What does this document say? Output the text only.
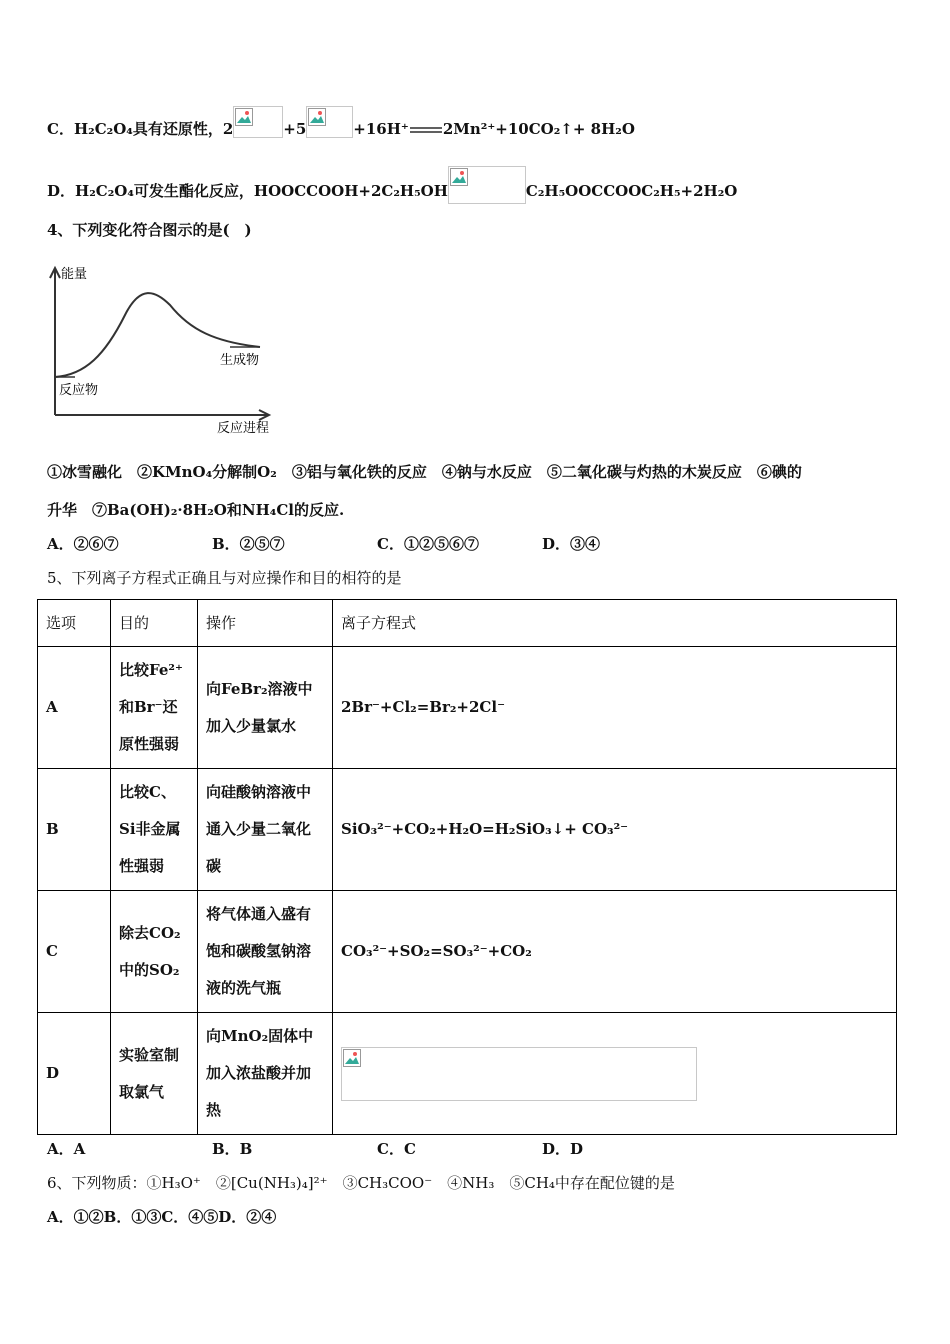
C．H₂C₂O₄具有还原性，2	+5	+16H⁺ 2Mn²⁺+10CO₂↑+ 8H₂O
D．H₂C₂O₄可发生酯化反应，HOOCCOOH+2C₂H₅OH	C₂H₅OOCCOOC₂H₅+2H₂O
4、下列变化符合图示的是(　)
能量
反应进程
反应物
生成物
①冰雪融化　②KMnO₄分解制O₂　③铝与氧化铁的反应　④钠与水反应　⑤二氧化碳与灼热的木炭反应　⑥碘的
升华　⑦Ba(OH)₂·8H₂O和NH₄Cl的反应.
A．②⑥⑦	B．②⑤⑦	C．①②⑤⑥⑦	D．③④
5、下列离子方程式正确且与对应操作和目的相符的是
选项	目的	操作	离子方程式
A	比较Fe²⁺和Br⁻还原性强弱	向FeBr₂溶液中加入少量氯水	2Br⁻+Cl₂=Br₂+2Cl⁻
B	比较C、Si非金属性强弱	向硅酸钠溶液中通入少量二氧化碳	SiO₃²⁻+CO₂+H₂O=H₂SiO₃↓+ CO₃²⁻
C	除去CO₂中的SO₂	将气体通入盛有饱和碳酸氢钠溶液的洗气瓶	CO₃²⁻+SO₂=SO₃²⁻+CO₂
D	实验室制取氯气	向MnO₂固体中加入浓盐酸并加热	
A．A	B．B	C．C	D．D
6、下列物质：①H₃O⁺　②[Cu(NH₃)₄]²⁺　③CH₃COO⁻　④NH₃　⑤CH₄中存在配位键的是
A．①②B．①③C．④⑤D．②④
